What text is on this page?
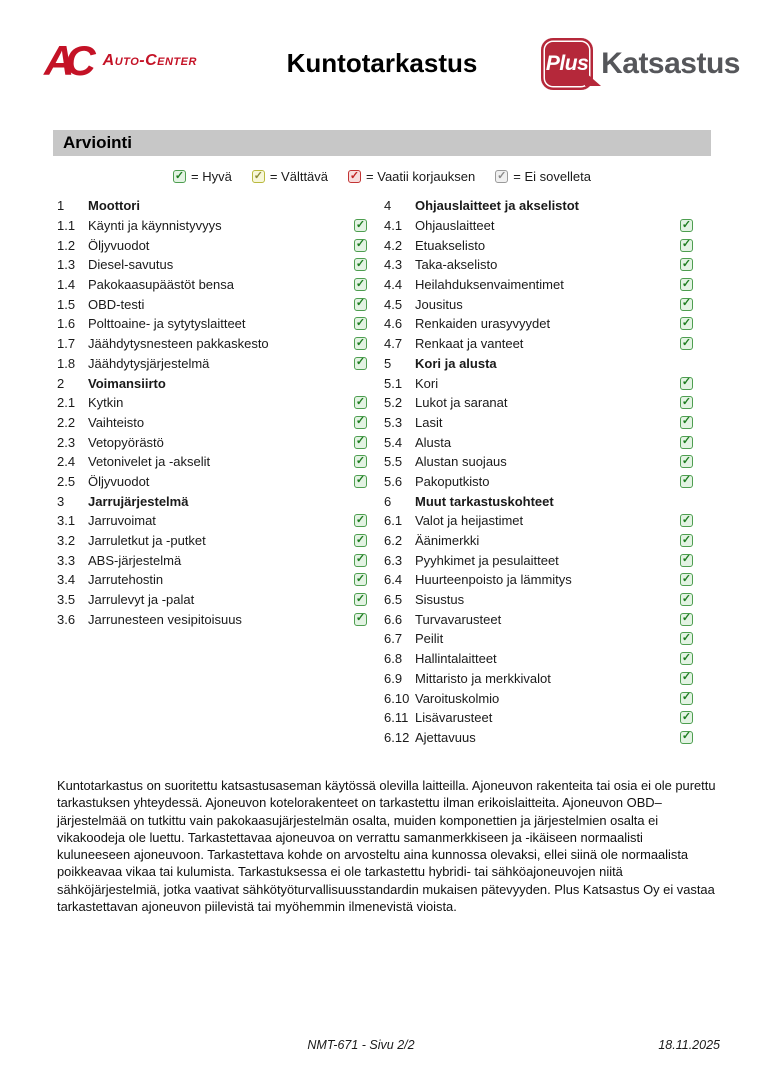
AC	Auto-Center	Kuntotarkastus	Plus Katsastus
Arviointi
✓
= Hyvä ✓	= Välttävä ✓	= Vaatii korjauksen ✓	= Ei sovelleta
1	Moottori
1.1 Käynti ja käynnistyvyys
✓
1.2 Öljyvuodot
✓
1.3 Diesel-savutus
✓
1.4 Pakokaasupäästöt bensa
✓
1.5 OBD-testi
✓
1.6 Polttoaine- ja sytytyslaitteet
✓
1.7 Jäähdytysnesteen pakkaskesto
✓
1.8 Jäähdytysjärjestelmä
✓
2	Voimansiirto
2.1 Kytkin
✓
2.2 Vaihteisto
✓
2.3 Vetopyörästö
✓
2.4 Vetonivelet ja -akselit
✓
2.5 Öljyvuodot
✓
3	Jarrujärjestelmä
3.1 Jarruvoimat
✓
3.2 Jarruletkut ja -putket
✓
3.3 ABS-järjestelmä
✓
3.4 Jarrutehostin
✓
3.5 Jarrulevyt ja -palat
✓
3.6 Jarrunesteen vesipitoisuus
✓
4	Ohjauslaitteet ja akselistot
4.1 Ohjauslaitteet
✓
4.2 Etuakselisto
✓
4.3 Taka-akselisto
✓
4.4 Heilahduksenvaimentimet
✓
4.5 Jousitus
✓
4.6 Renkaiden urasyvyydet
✓
4.7 Renkaat ja vanteet
✓
5	Kori ja alusta
5.1 Kori
✓
5.2 Lukot ja saranat
✓
5.3 Lasit
✓
5.4 Alusta
✓
5.5 Alustan suojaus
✓
5.6 Pakoputkisto
✓
6	Muut tarkastuskohteet
6.1 Valot ja heijastimet
✓
6.2 Äänimerkki
✓
6.3 Pyyhkimet ja pesulaitteet
✓
6.4 Huurteenpoisto ja lämmitys
✓
6.5 Sisustus
✓
6.6 Turvavarusteet
✓
6.7 Peilit
✓
6.8 Hallintalaitteet
✓
6.9 Mittaristo ja merkkivalot
✓
6.10 Varoituskolmio
✓
6.11 Lisävarusteet
✓
6.12 Ajettavuus
✓

Kuntotarkastus on suoritettu katsastusaseman käytössä olevilla laitteilla. Ajoneuvon rakenteita tai osia ei ole purettu tarkastuksen yhteydessä. Ajoneuvon kotelorakenteet on tarkastettu ilman erikoislaitteita. Ajoneuvon OBD–järjestelmää on tutkittu vain pakokaasujärjestelmän osalta, muiden komponettien ja järjestelmien osalta ei vikakoodeja ole luettu. Tarkastettavaa ajoneuvoa on verrattu samanmerkkiseen ja -ikäiseen normaalisti kuluneeseen ajoneuvoon. Tarkastettava kohde on arvosteltu aina kunnossa olevaksi, ellei siinä ole normaalista poikkeavaa vikaa tai kulumista. Tarkastuksessa ei ole tarkastettu hybridi- tai sähköajoneuvojen niitä sähköjärjestelmiä, jotka vaativat sähkötyöturvallisuusstandardin mukaisen pätevyyden. Plus Katsastus Oy ei vastaa tarkastettavan ajoneuvon piilevistä tai myöhemmin ilmenevistä vioista.

NMT-671 - Sivu 2/2	18.11.2025
